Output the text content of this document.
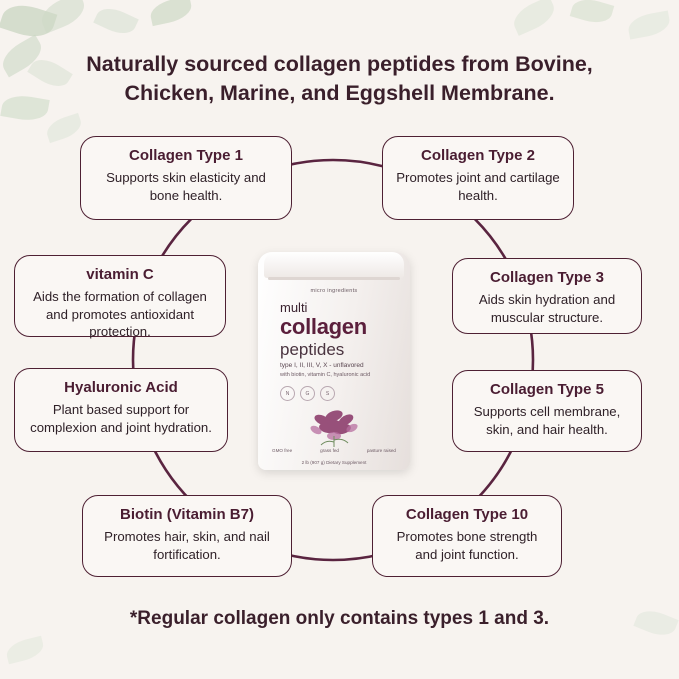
Naturally sourced collagen peptides from Bovine, Chicken, Marine, and Eggshell Membrane.
micro ingredients
multi
collagen
peptides
type I, II, III, V, X - unflavored
with biotin, vitamin C, hyaluronic acid
N	G	S
GMO free	grass fed	pasture raised
2 lb (907 g) Dietary Supplement
Collagen Type 1
Supports skin elasticity and bone health.
Collagen Type 2
Promotes joint and cartilage health.
vitamin C
Aids the formation of collagen and promotes antioxidant protection.
Collagen Type 3
Aids skin hydration and muscular structure.
Hyaluronic Acid
Plant based support for complexion and joint hydration.
Collagen Type 5
Supports cell membrane, skin, and hair health.
Biotin (Vitamin B7)
Promotes hair, skin, and nail fortification.
Collagen Type 10
Promotes bone strength and joint function.
*Regular collagen only contains types 1 and 3.
